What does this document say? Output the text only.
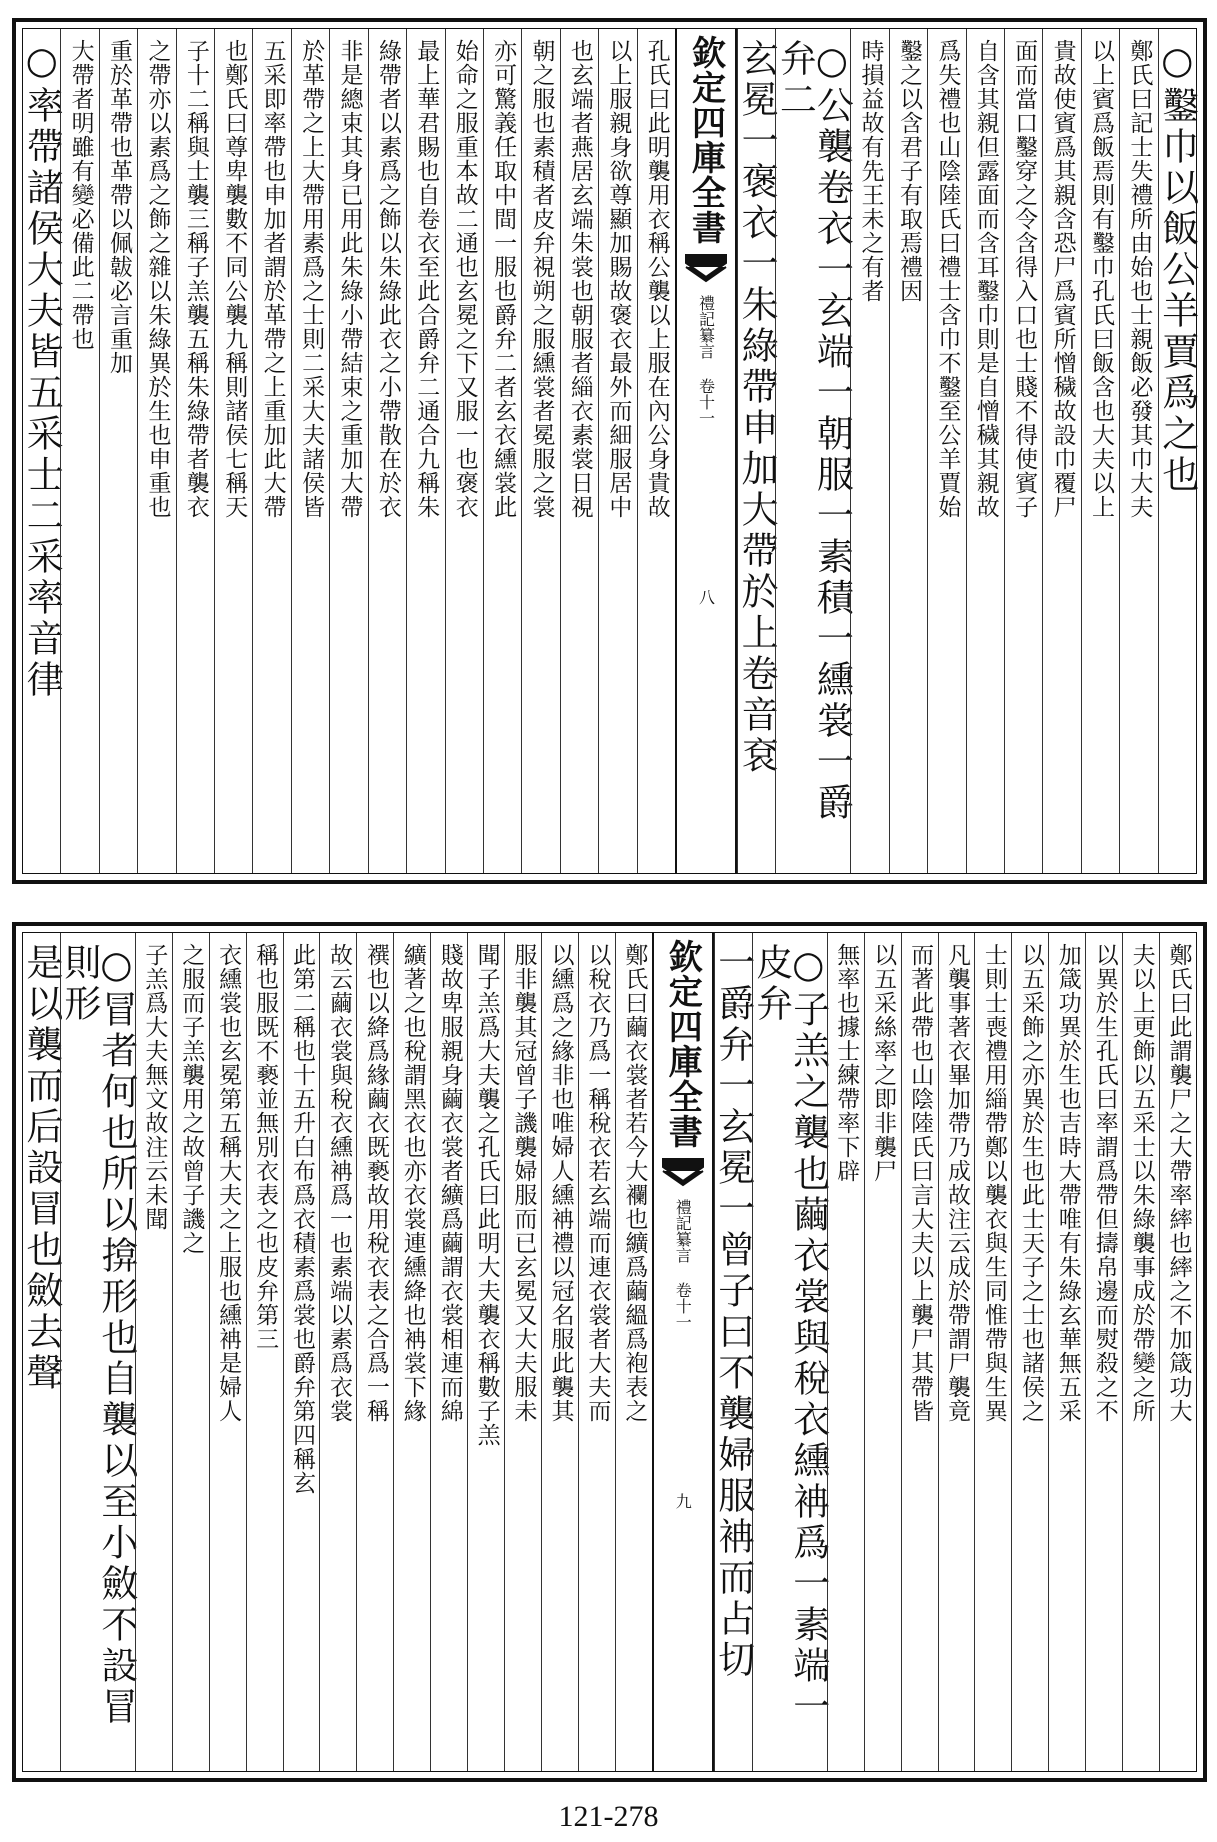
○鑿巾以飯公羊賈爲之也
鄭氏曰記士失禮所由始也士親飯必發其巾大夫
以上賓爲飯焉則有鑿巾孔氏曰飯含也大夫以上
貴故使賓爲其親含恐尸爲賓所憎穢故設巾覆尸
面而當口鑿穿之令含得入口也士賤不得使賓子
自含其親但露面而含耳鑿巾則是自憎穢其親故
爲失禮也山陰陸氏曰禮士含巾不鑿至公羊賈始
鑿之以含君子有取焉禮因
時損益故有先王未之有者
○公襲卷衣一玄端一朝服一素積一纁裳一爵弁二
玄冕一褒衣一朱綠帶申加大帶於上卷音袞
欽定四庫全書
禮記纂言 卷十一
八
孔氏曰此明襲用衣稱公襲以上服在內公身貴故
以上服親身欲尊顯加賜故褒衣最外而細服居中
也玄端者燕居玄端朱裳也朝服者緇衣素裳日視
朝之服也素積者皮弁視朔之服纁裳者冕服之裳
亦可驚義任取中間一服也爵弁二者玄衣纁裳此
始命之服重本故二通也玄冕之下又服一也褒衣
最上華君賜也自卷衣至此合爵弁二通合九稱朱
綠帶者以素爲之飾以朱綠此衣之小帶散在於衣
非是總束其身已用此朱綠小帶結束之重加大帶
於革帶之上大帶用素爲之士則二采大夫諸侯皆
五采即率帶也申加者謂於革帶之上重加此大帶
也鄭氏曰尊卑襲數不同公襲九稱則諸侯七稱天
子十二稱與士襲三稱子羔襲五稱朱綠帶者襲衣
之帶亦以素爲之飾之雜以朱綠異於生也申重也
重於革帶也革帶以佩韍必言重加
大帶者明雖有變必備此二帶也
○率帶諸侯大夫皆五采士二采率音律
鄭氏曰此謂襲尸之大帶率繂也繂之不加箴功大
夫以上更飾以五采士以朱綠襲事成於帶變之所
以異於生孔氏曰率謂爲帶但擣帛邊而熨殺之不
加箴功異於生也吉時大帶唯有朱綠玄華無五采
以五采飾之亦異於生也此士天子之士也諸侯之
士則士喪禮用緇帶鄭以襲衣與生同惟帶與生異
凡襲事著衣畢加帶乃成故注云成於帶謂尸襲竟
而著此帶也山陰陸氏曰言大夫以上襲尸其帶皆
以五采絲率之即非襲尸
無率也據士練帶率下辟
○子羔之襲也繭衣裳與稅衣纁袡爲一素端一皮弁
一爵弁一玄冕一曾子曰不襲婦服袡而占切
欽定四庫全書
禮記纂言 卷十一
九
鄭氏曰繭衣裳者若今大襴也纊爲繭縕爲袍表之
以稅衣乃爲一稱稅衣若玄端而連衣裳者大夫而
以纁爲之緣非也唯婦人纁袡禮以冠名服此襲其
服非襲其冠曾子譏襲婦服而已玄冕又大夫服未
聞子羔爲大夫襲之孔氏曰此明大夫襲衣稱數子羔
賤故卑服親身繭衣裳者纊爲繭謂衣裳相連而綿
纊著之也稅謂黑衣也亦衣裳連纁絳也袡裳下緣
襈也以絳爲緣繭衣既褻故用稅衣表之合爲一稱
故云繭衣裳與稅衣纁袡爲一也素端以素爲衣裳
此第二稱也十五升白布爲衣積素爲裳也爵弁第四稱玄
稱也服既不褻並無別衣表之也皮弁第三
衣纁裳也玄冕第五稱大夫之上服也纁袡是婦人
之服而子羔襲用之故曾子譏之
子羔爲大夫無文故注云未聞
○冒者何也所以揜形也自襲以至小斂不設冒則形
是以襲而后設冒也斂去聲
121-278
